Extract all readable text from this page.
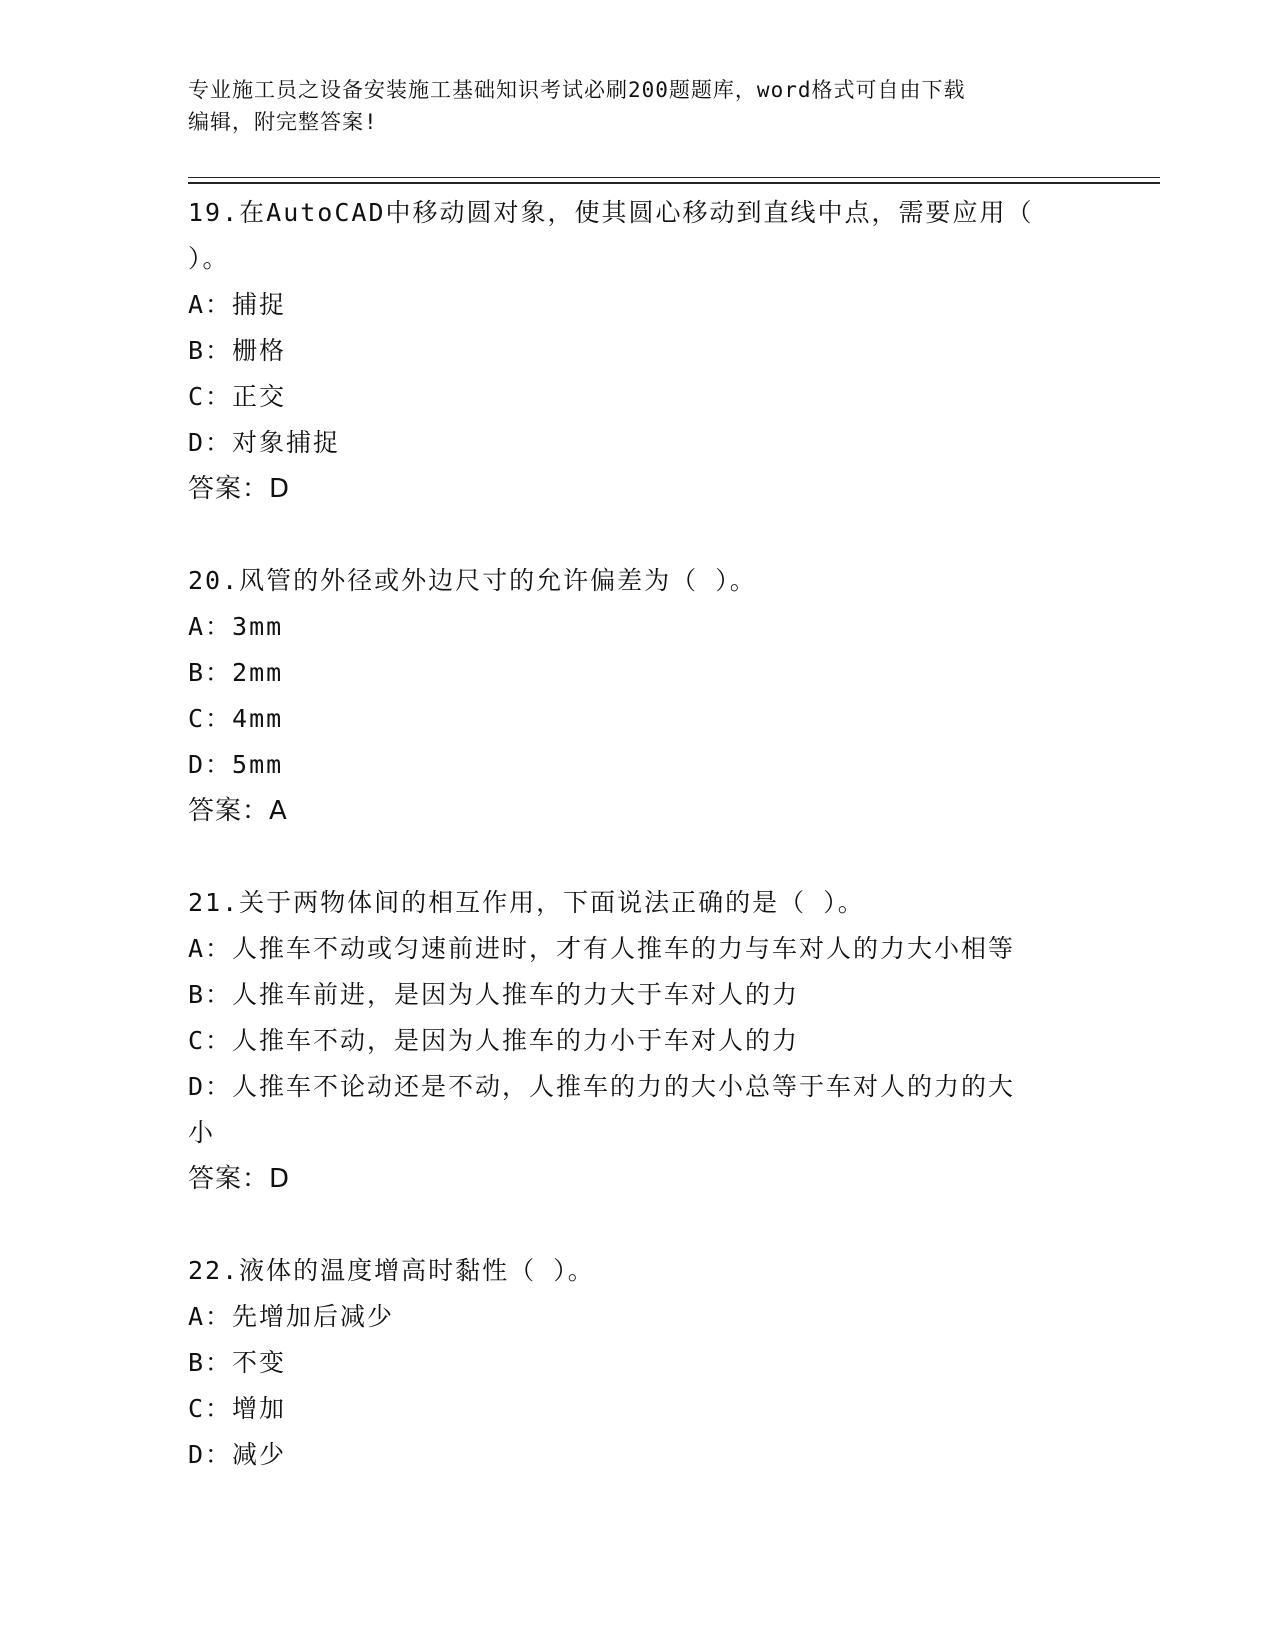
专业施工员之设备安装施工基础知识考试必刷200题题库，word格式可自由下载
编辑，附完整答案!
19.在AutoCAD中移动圆对象，使其圆心移动到直线中点，需要应用（
）。
A：捕捉
B：栅格
C：正交
D：对象捕捉
答案：D
20.风管的外径或外边尺寸的允许偏差为（ ）。
A：3mm
B：2mm
C：4mm
D：5mm
答案：A
21.关于两物体间的相互作用，下面说法正确的是（ ）。
A：人推车不动或匀速前进时，才有人推车的力与车对人的力大小相等
B：人推车前进，是因为人推车的力大于车对人的力
C：人推车不动，是因为人推车的力小于车对人的力
D：人推车不论动还是不动，人推车的力的大小总等于车对人的力的大
小
答案：D
22.液体的温度增高时黏性（ ）。
A：先增加后减少
B：不变
C：增加
D：减少
